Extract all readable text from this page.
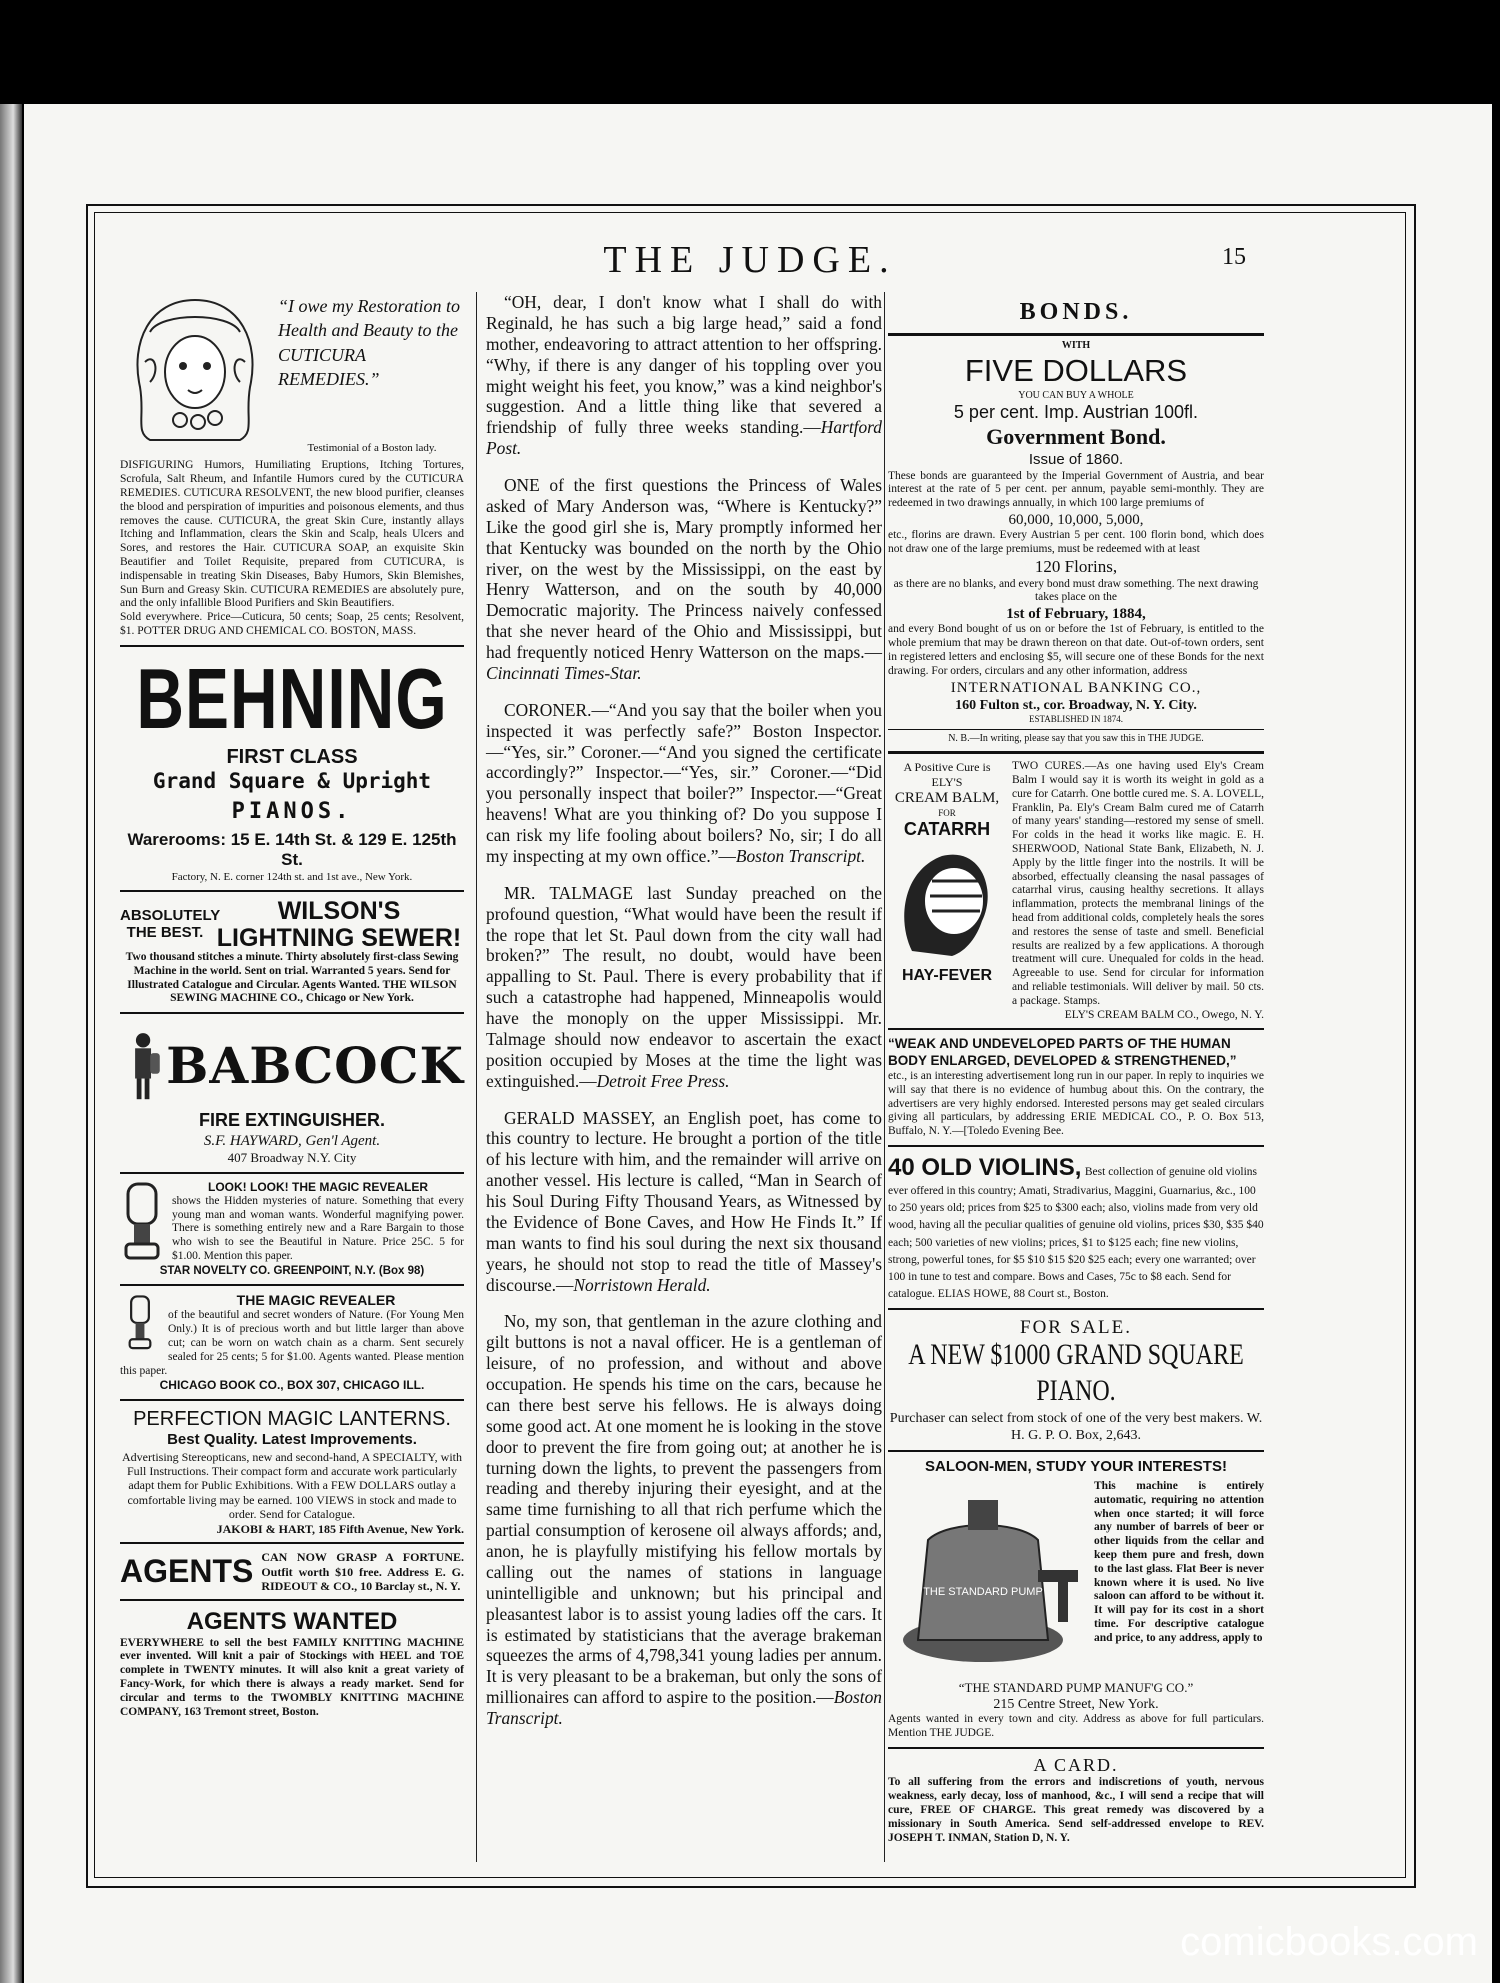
THE JUDGE.	15
“I owe my Restoration to Health and Beauty to the CUTICURA REMEDIES.”
Testimonial of a Boston lady.
DISFIGURING Humors, Humiliating Eruptions, Itching Tortures, Scrofula, Salt Rheum, and Infantile Humors cured by the CUTICURA REMEDIES. CUTICURA RESOLVENT, the new blood purifier, cleanses the blood and perspiration of impurities and poisonous elements, and thus removes the cause. CUTICURA, the great Skin Cure, instantly allays Itching and Inflammation, clears the Skin and Scalp, heals Ulcers and Sores, and restores the Hair. CUTICURA SOAP, an exquisite Skin Beautifier and Toilet Requisite, prepared from CUTICURA, is indispensable in treating Skin Diseases, Baby Humors, Skin Blemishes, Sun Burn and Greasy Skin. CUTICURA REMEDIES are absolutely pure, and the only infallible Blood Purifiers and Skin Beautifiers.
Sold everywhere. Price—Cuticura, 50 cents; Soap, 25 cents; Resolvent, $1. POTTER DRUG AND CHEMICAL CO. BOSTON, MASS.
BEHNING
FIRST CLASS
Grand Square & Upright
PIANOS.
Warerooms: 15 E. 14th St. & 129 E. 125th St.
Factory, N. E. corner 124th st. and 1st ave., New York.
ABSOLUTELY THE BEST.
WILSON'S LIGHTNING SEWER!
Two thousand stitches a minute. Thirty absolutely first-class Sewing Machine in the world. Sent on trial. Warranted 5 years. Send for Illustrated Catalogue and Circular. Agents Wanted. THE WILSON SEWING MACHINE CO., Chicago or New York.
BABCOCK
FIRE EXTINGUISHER.
S.F. HAYWARD, Gen'l Agent.
407 Broadway N.Y. City
LOOK! LOOK! THE MAGIC REVEALER
shows the Hidden mysteries of nature. Something that every young man and woman wants. Wonderful magnifying power. There is something entirely new and a Rare Bargain to those who wish to see the Beautiful in Nature. Price 25C. 5 for $1.00. Mention this paper.
STAR NOVELTY CO. GREENPOINT, N.Y. (Box 98)
THE MAGIC REVEALER
of the beautiful and secret wonders of Nature. (For Young Men Only.) It is of precious worth and but little larger than above cut; can be worn on watch chain as a charm. Sent securely sealed for 25 cents; 5 for $1.00. Agents wanted. Please mention this paper.
CHICAGO BOOK CO., BOX 307, CHICAGO ILL.
PERFECTION MAGIC LANTERNS.
Best Quality. Latest Improvements.
Advertising Stereopticans, new and second-hand, A SPECIALTY, with Full Instructions. Their compact form and accurate work particularly adapt them for Public Exhibitions. With a FEW DOLLARS outlay a comfortable living may be earned. 100 VIEWS in stock and made to order. Send for Catalogue.
JAKOBI & HART, 185 Fifth Avenue, New York.
AGENTS CAN NOW GRASP A FORTUNE. Outfit worth $10 free. Address E. G. RIDEOUT & CO., 10 Barclay st., N. Y.
AGENTS WANTED
EVERYWHERE to sell the best FAMILY KNITTING MACHINE ever invented. Will knit a pair of Stockings with HEEL and TOE complete in TWENTY minutes. It will also knit a great variety of Fancy-Work, for which there is always a ready market. Send for circular and terms to the TWOMBLY KNITTING MACHINE COMPANY, 163 Tremont street, Boston.

“OH, dear, I don't know what I shall do with Reginald, he has such a big large head,” said a fond mother, endeavoring to attract attention to her offspring. “Why, if there is any danger of his toppling over you might weight his feet, you know,” was a kind neighbor's suggestion. And a little thing like that severed a friendship of fully three weeks standing.—Hartford Post.

ONE of the first questions the Princess of Wales asked of Mary Anderson was, “Where is Kentucky?” Like the good girl she is, Mary promptly informed her that Kentucky was bounded on the north by the Ohio river, on the west by the Mississippi, on the east by Henry Watterson, and on the south by 40,000 Democratic majority. The Princess naively confessed that she never heard of the Ohio and Mississippi, but had frequently noticed Henry Watterson on the maps.—Cincinnati Times-Star.

CORONER.—“And you say that the boiler when you inspected it was perfectly safe?” Boston Inspector.—“Yes, sir.” Coroner.—“And you signed the certificate accordingly?” Inspector.—“Yes, sir.” Coroner.—“Did you personally inspect that boiler?” Inspector.—“Great heavens! What are you thinking of? Do you suppose I can risk my life fooling about boilers? No, sir; I do all my inspecting at my own office.”—Boston Transcript.

MR. TALMAGE last Sunday preached on the profound question, “What would have been the result if the rope that let St. Paul down from the city wall had broken?” The result, no doubt, would have been appalling to St. Paul. There is every probability that if such a catastrophe had happened, Minneapolis would have the monoply on the upper Mississippi. Mr. Talmage should now endeavor to ascertain the exact position occupied by Moses at the time the light was extinguished.—Detroit Free Press.

GERALD MASSEY, an English poet, has come to this country to lecture. He brought a portion of the title of his lecture with him, and the remainder will arrive on another vessel. His lecture is called, “Man in Search of his Soul During Fifty Thousand Years, as Witnessed by the Evidence of Bone Caves, and How He Finds It.” If man wants to find his soul during the next six thousand years, he should not stop to read the title of Massey's discourse.—Norristown Herald.

No, my son, that gentleman in the azure clothing and gilt buttons is not a naval officer. He is a gentleman of leisure, of no profession, and without and above occupation. He spends his time on the cars, because he can there best serve his fellows. He is always doing some good act. At one moment he is looking in the stove door to prevent the fire from going out; at another he is turning down the lights, to prevent the passengers from reading and thereby injuring their eyesight, and at the same time furnishing to all that rich perfume which the partial consumption of kerosene oil always affords; and, anon, he is playfully mistifying his fellow mortals by calling out the names of stations in language unintelligible and unknown; but his principal and pleasantest labor is to assist young ladies off the cars. It is estimated by statisticians that the average brakeman squeezes the arms of 4,798,341 young ladies per annum. It is very pleasant to be a brakeman, but only the sons of millionaires can afford to aspire to the position.—Boston Transcript.

BONDS.
WITH
FIVE DOLLARS
YOU CAN BUY A WHOLE
5 per cent. Imp. Austrian 100fl.
Government Bond.
Issue of 1860.
These bonds are guaranteed by the Imperial Government of Austria, and bear interest at the rate of 5 per cent. per annum, payable semi-monthly. They are redeemed in two drawings annually, in which 100 large premiums of
60,000, 10,000, 5,000,
etc., florins are drawn. Every Austrian 5 per cent. 100 florin bond, which does not draw one of the large premiums, must be redeemed with at least
120 Florins,
as there are no blanks, and every bond must draw something. The next drawing takes place on the
1st of February, 1884,
and every Bond bought of us on or before the 1st of February, is entitled to the whole premium that may be drawn thereon on that date. Out-of-town orders, sent in registered letters and enclosing $5, will secure one of these Bonds for the next drawing. For orders, circulars and any other information, address
INTERNATIONAL BANKING CO.,
160 Fulton st., cor. Broadway, N. Y. City.
ESTABLISHED IN 1874.
N. B.—In writing, please say that you saw this in THE JUDGE.
A Positive Cure is
ELY'S
CREAM BALM,
FOR
CATARRH
HAY-FEVER
TWO CURES.—As one having used Ely's Cream Balm I would say it is worth its weight in gold as a cure for Catarrh. One bottle cured me. S. A. LOVELL, Franklin, Pa. Ely's Cream Balm cured me of Catarrh of many years' standing—restored my sense of smell. For colds in the head it works like magic. E. H. SHERWOOD, National State Bank, Elizabeth, N. J. Apply by the little finger into the nostrils. It will be absorbed, effectually cleansing the nasal passages of catarrhal virus, causing healthy secretions. It allays inflammation, protects the membranal linings of the head from additional colds, completely heals the sores and restores the sense of taste and smell. Beneficial results are realized by a few applications. A thorough treatment will cure. Unequaled for colds in the head. Agreeable to use. Send for circular for information and reliable testimonials. Will deliver by mail. 50 cts. a package. Stamps.
ELY'S CREAM BALM CO., Owego, N. Y.
“WEAK AND UNDEVELOPED PARTS OF THE HUMAN BODY ENLARGED, DEVELOPED & STRENGTHENED,”
etc., is an interesting advertisement long run in our paper. In reply to inquiries we will say that there is no evidence of humbug about this. On the contrary, the advertisers are very highly endorsed. Interested persons may get sealed circulars giving all particulars, by addressing ERIE MEDICAL CO., P. O. Box 513, Buffalo, N. Y.—[Toledo Evening Bee.
40 OLD VIOLINS, Best collection of genuine old violins ever offered in this country; Amati, Stradivarius, Maggini, Guarnarius, &c., 100 to 250 years old; prices from $25 to $300 each; also, violins made from very old wood, having all the peculiar qualities of genuine old violins, prices $30, $35 $40 each; 500 varieties of new violins; prices, $1 to $125 each; fine new violins, strong, powerful tones, for $5 $10 $15 $20 $25 each; every one warranted; over 100 in tune to test and compare. Bows and Cases, 75c to $8 each. Send for catalogue. ELIAS HOWE, 88 Court st., Boston.
FOR SALE.
A NEW $1000 GRAND SQUARE PIANO.
Purchaser can select from stock of one of the very best makers. W. H. G. P. O. Box, 2,643.
SALOON-MEN, STUDY YOUR INTERESTS!
THE STANDARD PUMP
This machine is entirely automatic, requiring no attention when once started; it will force any number of barrels of beer or other liquids from the cellar and keep them pure and fresh, down to the last glass. Flat Beer is never known where it is used. No live saloon can afford to be without it. It will pay for its cost in a short time. For descriptive catalogue and price, to any address, apply to
“THE STANDARD PUMP MANUF'G CO.”
215 Centre Street, New York.
Agents wanted in every town and city. Address as above for full particulars. Mention THE JUDGE.
A CARD.
To all suffering from the errors and indiscretions of youth, nervous weakness, early decay, loss of manhood, &c., I will send a recipe that will cure, FREE OF CHARGE. This great remedy was discovered by a missionary in South America. Send self-addressed envelope to REV. JOSEPH T. INMAN, Station D, N. Y.
comicbooks.com
